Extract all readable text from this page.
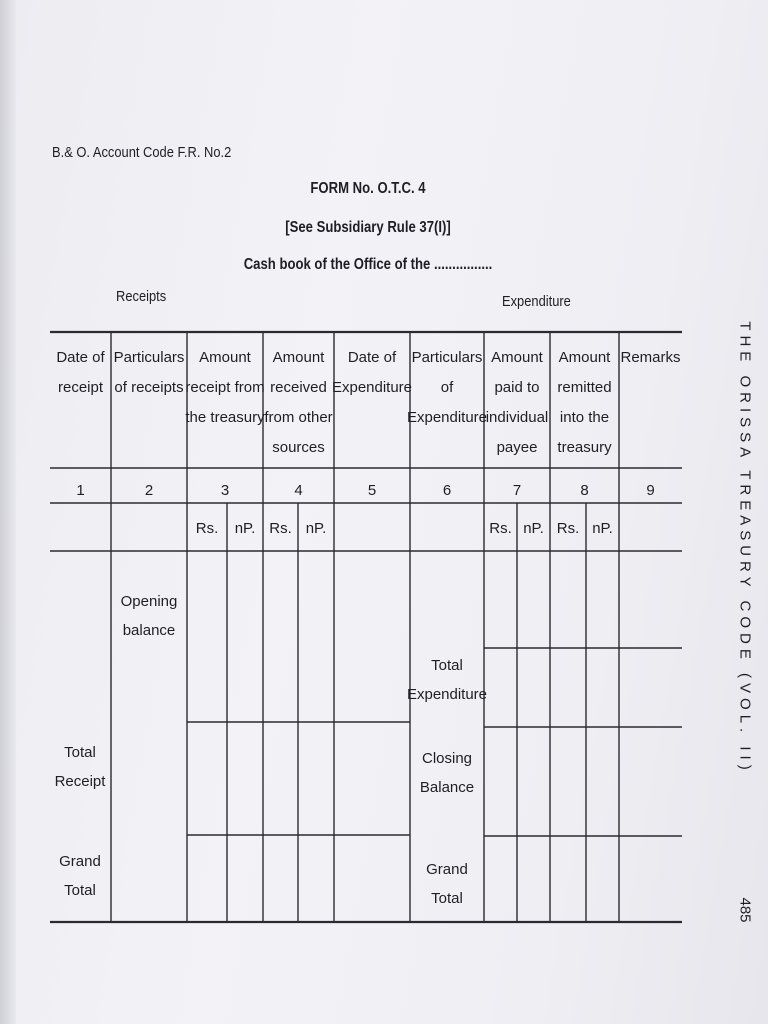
B.& O. Account Code F.R. No.2
FORM No. O.T.C. 4
[See Subsidiary Rule 37(I)]
Cash book of the Office of the ................
Receipts	Expenditure
Date of
receipt
1
Particulars
of receipts
2
Amount
receipt from
the treasury
3
Amount
received
from other
sources
4
Date of
Expenditure
5
Particulars
of
Expenditure
6
Amount
paid to
individual
payee
7
Amount
remitted
into the
treasury
8
Remarks
9
Rs. nP. Rs. nP.	Rs. nP. Rs. nP.
Opening
balance
Total
Receipt
Grand
Total
Total
Expenditure
Closing
Balance
Grand
Total
THE ORISSA TREASURY CODE (VOL. II)
485
